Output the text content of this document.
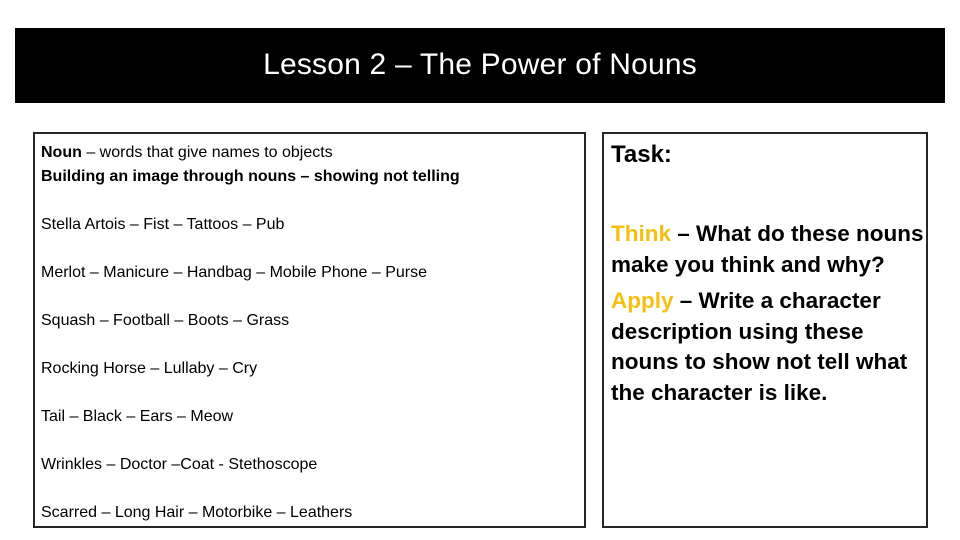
Lesson 2 – The Power of Nouns
Noun – words that give names to objects
Building an image through nouns – showing not telling
Stella Artois – Fist – Tattoos – Pub
Merlot – Manicure – Handbag – Mobile Phone – Purse
Squash – Football – Boots – Grass
Rocking Horse – Lullaby – Cry
Tail – Black – Ears – Meow
Wrinkles – Doctor –Coat - Stethoscope
Scarred – Long Hair – Motorbike – Leathers
Task:
Think – What do these nouns make you think and why?
Apply – Write a character description using these nouns to show not tell what the character is like.
